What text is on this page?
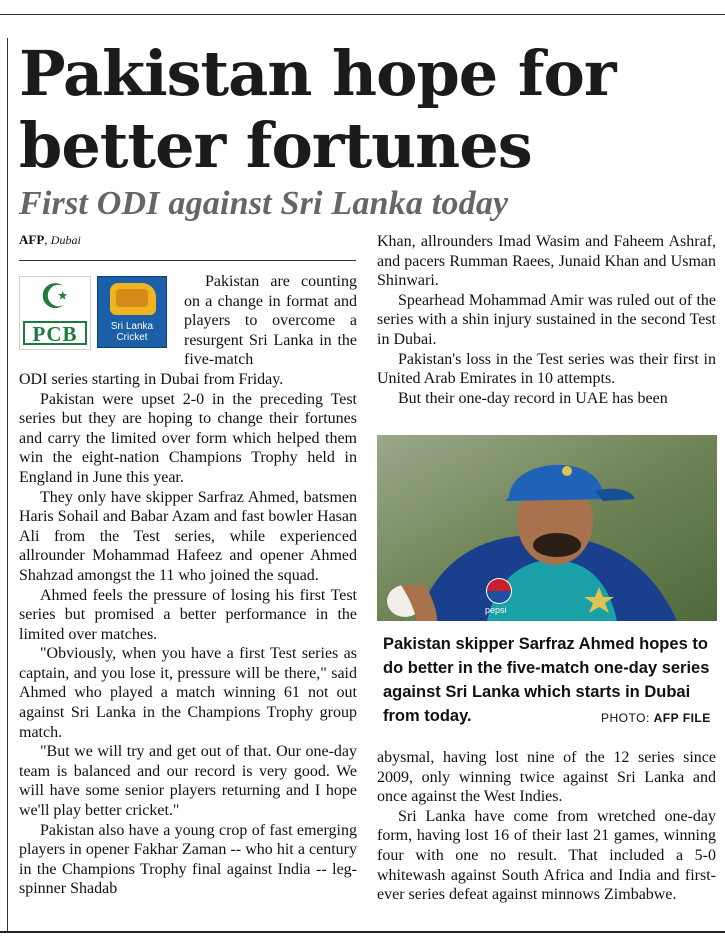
Pakistan hope for better fortunes
First ODI against Sri Lanka today
AFP, Dubai
☪
PCB	Sri Lanka
Cricket

Pakistan are counting on a change in format and players to overcome a resurgent Sri Lanka in the five-match

ODI series starting in Dubai from Friday.

Pakistan were upset 2-0 in the preceding Test series but they are hoping to change their fortunes and carry the limited over form which helped them win the eight-nation Champions Trophy held in England in June this year.

They only have skipper Sarfraz Ahmed, batsmen Haris Sohail and Babar Azam and fast bowler Hasan Ali from the Test series, while experienced allrounder Mohammad Hafeez and opener Ahmed Shahzad amongst the 11 who joined the squad.

Ahmed feels the pressure of losing his first Test series but promised a better performance in the limited over matches.

"Obviously, when you have a first Test series as captain, and you lose it, pressure will be there," said Ahmed who played a match winning 61 not out against Sri Lanka in the Champions Trophy group match.

"But we will try and get out of that. Our one-day team is balanced and our record is very good. We will have some senior players returning and I hope we'll play better cricket."

Pakistan also have a young crop of fast emerging players in opener Fakhar Zaman -- who hit a century in the Champions Trophy final against India -- leg-spinner Shadab

Khan, allrounders Imad Wasim and Faheem Ashraf, and pacers Rumman Raees, Junaid Khan and Usman Shinwari.

Spearhead Mohammad Amir was ruled out of the series with a shin injury sustained in the second Test in Dubai.

Pakistan's loss in the Test series was their first in United Arab Emirates in 10 attempts.

But their one-day record in UAE has been

pepsi
Pakistan skipper Sarfraz Ahmed hopes to do better in the five-match one-day series against Sri Lanka which starts in Dubai from today.	PHOTO: AFP FILE

abysmal, having lost nine of the 12 series since 2009, only winning twice against Sri Lanka and once against the West Indies.

Sri Lanka have come from wretched one-day form, having lost 16 of their last 21 games, winning four with one no result. That included a 5-0 whitewash against South Africa and India and first-ever series defeat against minnows Zimbabwe.
